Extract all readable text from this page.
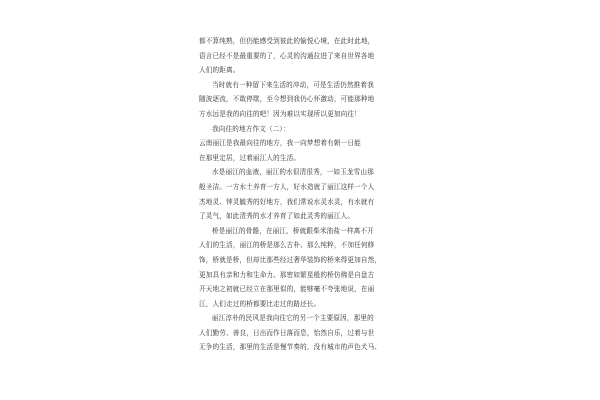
都不算纯熟，但仍能感受到彼此的愉悦心境，在此时此地，
语言已经不是最重要的了，心灵的沟通拉进了来自世界各地
人们的距离。
当时就有一种留下来生活的冲动，可是生活仍然推着我
随波逐流，不敢停歇，至今想到我仍心怀激动，可能那种地
方水远是我的向往的吧！因为难以实现所以更加向往！
我向往的地方作文（二）：
云南丽江是我最向往的地方，我一向梦想着有朝一日能
在那里定居，过着丽江人的生活。
水是丽江的血液，丽江的水很清很秀，一如玉龙雪山那
般圣洁。一方水土养育一方人，好水造就了丽江这样一个人
杰地灵、钟灵毓秀的好地方，我们常说水灵水灵，有水就有
了灵气，如此清秀的水才养育了如此灵秀的丽江人。
桥是丽江的骨骼，在丽江，桥就跟柴米油盐一样离不开
人们的生活，丽江的桥是那么古朴、那么纯粹，不加任何修
饰，桥就是桥，但却比那些经过奢华装饰的桥来得更加自然，
更加具有亲和力和生命力。那密如繁星般的桥仿佛是自盘古
开天地之初就已经立在那里似的，能够毫不夸张地说，在丽
江，人们走过的桥都要比走过的路还长。
丽江淳朴的民风是我向往它的另一个主要原因，那里的
人们勤劳、善良，日出而作日落而息，怡然自乐，过着与世
无争的生活，那里的生活是慢节奏的，没有城市的声色犬马、
